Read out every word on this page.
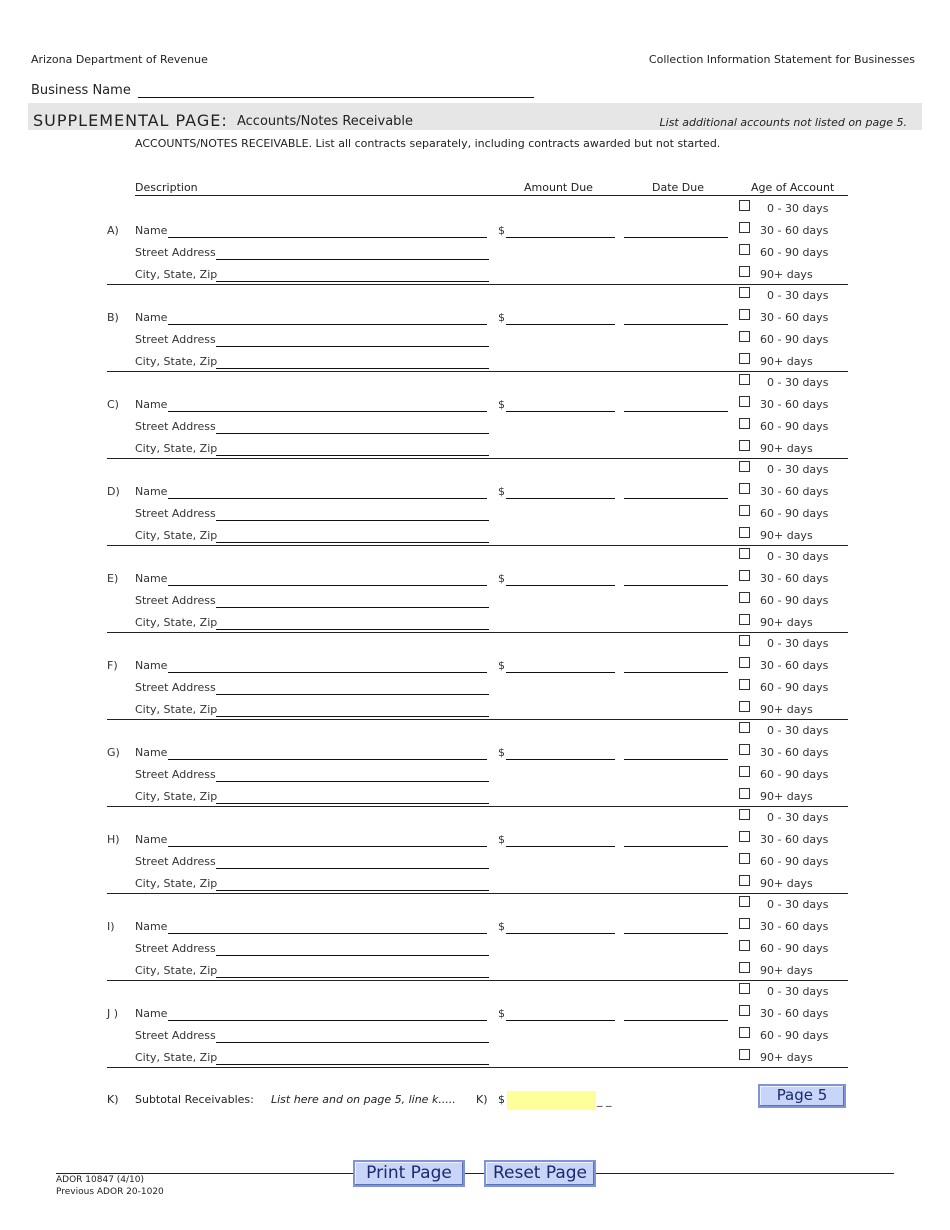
Arizona Department of Revenue	Collection Information Statement for Businesses
Business Name
SUPPLEMENTAL PAGE: Accounts/Notes Receivable	List additional accounts not listed on page 5.
ACCOUNTS/NOTES RECEIVABLE. List all contracts separately, including contracts awarded but not started.
Description	Amount Due	Date Due	Age of Account
A) Name
Street Address
City, State, Zip
$
0 - 30 days
30 - 60 days
60 - 90 days
90+ days
B) Name
Street Address
City, State, Zip
$
0 - 30 days
30 - 60 days
60 - 90 days
90+ days
C) Name
Street Address
City, State, Zip
$
0 - 30 days
30 - 60 days
60 - 90 days
90+ days
D) Name
Street Address
City, State, Zip
$
0 - 30 days
30 - 60 days
60 - 90 days
90+ days
E) Name
Street Address
City, State, Zip
$
0 - 30 days
30 - 60 days
60 - 90 days
90+ days
F) Name
Street Address
City, State, Zip
$
0 - 30 days
30 - 60 days
60 - 90 days
90+ days
G) Name
Street Address
City, State, Zip
$
0 - 30 days
30 - 60 days
60 - 90 days
90+ days
H) Name
Street Address
City, State, Zip
$
0 - 30 days
30 - 60 days
60 - 90 days
90+ days
I) Name
Street Address
City, State, Zip
$
0 - 30 days
30 - 60 days
60 - 90 days
90+ days
J ) Name
Street Address
City, State, Zip
$
0 - 30 days
30 - 60 days
60 - 90 days
90+ days
K) Subtotal Receivables: List here and on page 5, line k..... K) $	_ _	Page 5
ADOR 10847 (4/10)
Previous ADOR 20-1020
Print Page	Reset Page
